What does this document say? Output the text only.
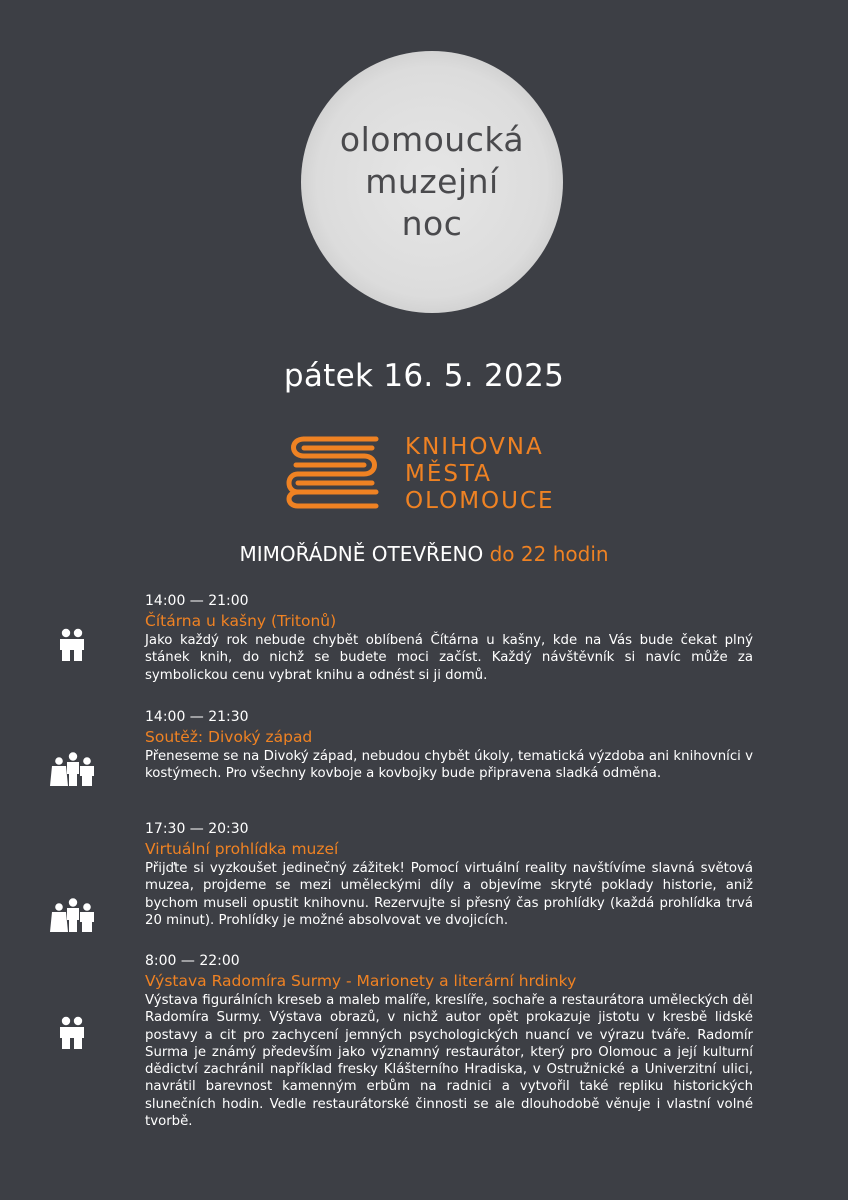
olomoucká
muzejní
noc
pátek 16. 5. 2025
KNIHOVNA
MĚSTA
OLOMOUCE
MIMOŘÁDNĚ OTEVŘENO do 22 hodin
14:00 — 21:00
Čítárna u kašny (Tritonů)
Jako každý rok nebude chybět oblíbená Čítárna u kašny, kde na Vás bude čekat plný stánek knih, do nichž se budete moci začíst. Každý návštěvník si navíc může za symbolickou cenu vybrat knihu a odnést si ji domů.
14:00 — 21:30
Soutěž: Divoký západ
Přeneseme se na Divoký západ, nebudou chybět úkoly, tematická výzdoba ani knihovníci v kostýmech. Pro všechny kovboje a kovbojky bude připravena sladká odměna.
17:30 — 20:30
Virtuální prohlídka muzeí
Přijďte si vyzkoušet jedinečný zážitek! Pomocí virtuální reality navštívíme slavná světová muzea, projdeme se mezi uměleckými díly a objevíme skryté poklady historie, aniž bychom museli opustit knihovnu. Rezervujte si přesný čas prohlídky (každá prohlídka trvá 20 minut). Prohlídky je možné absolvovat ve dvojicích.
8:00 — 22:00
Výstava Radomíra Surmy - Marionety a literární hrdinky
Výstava figurálních kreseb a maleb malíře, kreslíře, sochaře a restaurátora uměleckých děl Radomíra Surmy. Výstava obrazů, v nichž autor opět prokazuje jistotu v kresbě lidské postavy a cit pro zachycení jemných psychologických nuancí ve výrazu tváře. Radomír Surma je známý především jako významný restaurátor, který pro Olomouc a její kulturní dědictví zachránil například fresky Klášterního Hradiska, v Ostružnické a Univerzitní ulici, navrátil barevnost kamenným erbům na radnici a vytvořil také repliku historických slunečních hodin. Vedle restaurátorské činnosti se ale dlouhodobě věnuje i vlastní volné tvorbě.
